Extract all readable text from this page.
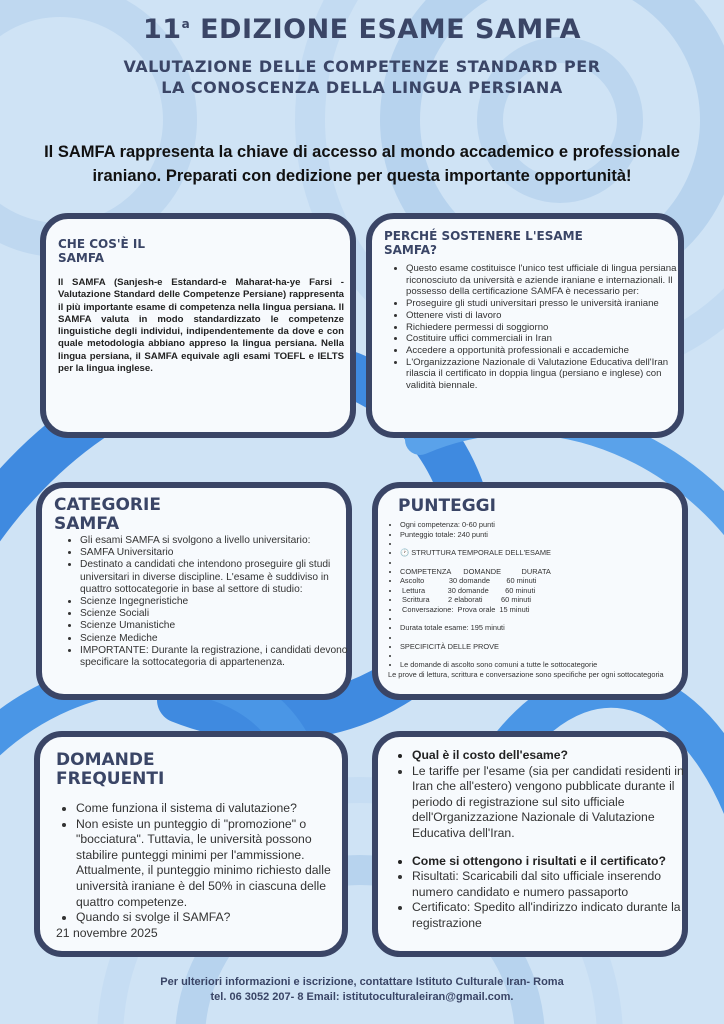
11$^a$ EDIZIONE ESAME SAMFA
VALUTAZIONE DELLE COMPETENZE STANDARD PER LA CONOSCENZA DELLA LINGUA PERSIANA
Il SAMFA rappresenta la chiave di accesso al mondo accademico e professionale iraniano. Preparati con dedizione per questa importante opportunità!
CHE COS'È IL SAMFA

Il SAMFA (Sanjesh-e Estandard-e Maharat-ha-ye Farsi - Valutazione Standard delle Competenze Persiane) rappresenta il più importante esame di competenza nella lingua persiana. Il SAMFA valuta in modo standardizzato le competenze linguistiche degli individui, indipendentemente da dove e con quale metodologia abbiano appreso la lingua persiana. Nella lingua persiana, il SAMFA equivale agli esami TOEFL e IELTS per la lingua inglese.

PERCHÉ SOSTENERE L'ESAME SAMFA?
• Questo esame costituisce l'unico test ufficiale di lingua persiana riconosciuto da università e aziende iraniane e internazionali. Il possesso della certificazione SAMFA è necessario per:
• Proseguire gli studi universitari presso le università iraniane
• Ottenere visti di lavoro
• Richiedere permessi di soggiorno
• Costituire uffici commerciali in Iran
• Accedere a opportunità professionali e accademiche
• L'Organizzazione Nazionale di Valutazione Educativa dell'Iran rilascia il certificato in doppia lingua (persiano e inglese) con validità biennale.
CATEGORIE SAMFA
• Gli esami SAMFA si svolgono a livello universitario:
• SAMFA Universitario
• Destinato a candidati che intendono proseguire gli studi universitari in diverse discipline. L'esame è suddiviso in quattro sottocategorie in base al settore di studio:
• Scienze Ingegneristiche
• Scienze Sociali
• Scienze Umanistiche
• Scienze Mediche
• IMPORTANTE: Durante la registrazione, i candidati devono specificare la sottocategoria di appartenenza.
PUNTEGGI
• Ogni competenza: 0-60 punti
• Punteggio totale: 240 punti
•
• 🕐 STRUTTURA TEMPORALE DELL'ESAME
•
• COMPETENZA      DOMANDE          DURATA
• Ascolto            30 domande        60 minuti
•  Lettura           30 domande        60 minuti
•  Scrittura         2 elaborati         60 minuti
•  Conversazione:  Prova orale  15 minuti
•
• Durata totale esame: 195 minuti
•
• SPECIFICITÀ DELLE PROVE
•
• Le domande di ascolto sono comuni a tutte le sottocategorie
Le prove di lettura, scrittura e conversazione sono specifiche per ogni sottocategoria
DOMANDE FREQUENTI
• Come funziona il sistema di valutazione?
• Non esiste un punteggio di "promozione" o "bocciatura". Tuttavia, le università possono stabilire punteggi minimi per l'ammissione. Attualmente, il punteggio minimo richiesto dalle università iraniane è del 50% in ciascuna delle quattro competenze.
• Quando si svolge il SAMFA?
21 novembre 2025
• Qual è il costo dell'esame?
• Le tariffe per l'esame (sia per candidati residenti in Iran che all'estero) vengono pubblicate durante il periodo di registrazione sul sito ufficiale dell'Organizzazione Nazionale di Valutazione Educativa dell'Iran.
• Come si ottengono i risultati e il certificato?
• Risultati: Scaricabili dal sito ufficiale inserendo numero candidato e numero passaporto
• Certificato: Spedito all'indirizzo indicato durante la registrazione
Per ulteriori informazioni e iscrizione, contattare Istituto Culturale Iran- Roma
tel. 06 3052 207- 8 Email: istitutoculturaleiran@gmail.com.
